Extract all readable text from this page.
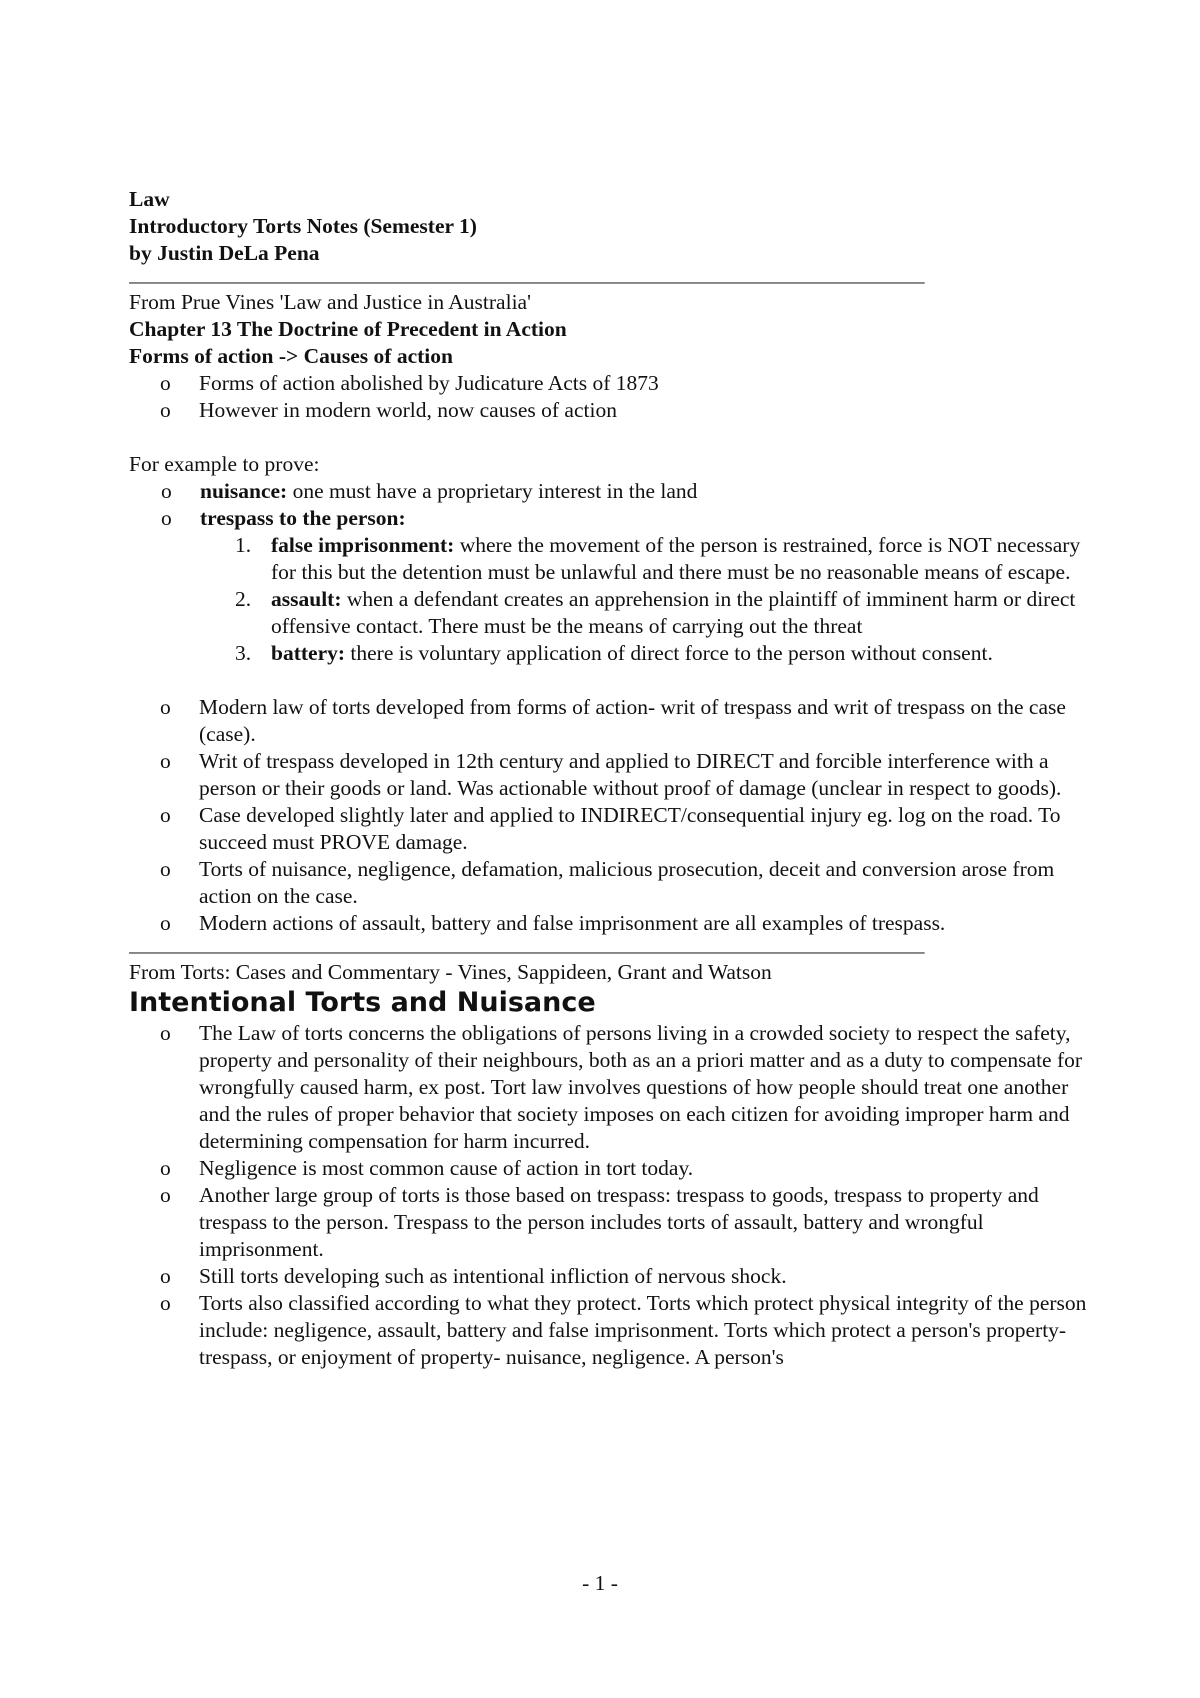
Law
Introductory Torts Notes (Semester 1)
by Justin DeLa Pena
__________________________________________________________________________
From Prue Vines 'Law and Justice in Australia'
Chapter 13 The Doctrine of Precedent in Action
Forms of action -> Causes of action
o Forms of action abolished by Judicature Acts of 1873
o However in modern world, now causes of action
For example to prove:
o nuisance: one must have a proprietary interest in the land
o trespass to the person:
1. false imprisonment: where the movement of the person is restrained, force is NOT necessary for this but the detention must be unlawful and there must be no reasonable means of escape.
2. assault: when a defendant creates an apprehension in the plaintiff of imminent harm or direct offensive contact. There must be the means of carrying out the threat
3. battery: there is voluntary application of direct force to the person without consent.
o Modern law of torts developed from forms of action- writ of trespass and writ of trespass on the case (case).
o Writ of trespass developed in 12th century and applied to DIRECT and forcible interference with a person or their goods or land. Was actionable without proof of damage (unclear in respect to goods).
o Case developed slightly later and applied to INDIRECT/consequential injury eg. log on the road. To succeed must PROVE damage.
o Torts of nuisance, negligence, defamation, malicious prosecution, deceit and conversion arose from action on the case.
o Modern actions of assault, battery and false imprisonment are all examples of trespass.
__________________________________________________________________________
From Torts: Cases and Commentary - Vines, Sappideen, Grant and Watson
Intentional Torts and Nuisance
o The Law of torts concerns the obligations of persons living in a crowded society to respect the safety, property and personality of their neighbours, both as an a priori matter and as a duty to compensate for wrongfully caused harm, ex post. Tort law involves questions of how people should treat one another and the rules of proper behavior that society imposes on each citizen for avoiding improper harm and determining compensation for harm incurred.
o Negligence is most common cause of action in tort today.
o Another large group of torts is those based on trespass: trespass to goods, trespass to property and trespass to the person. Trespass to the person includes torts of assault, battery and wrongful imprisonment.
o Still torts developing such as intentional infliction of nervous shock.
o Torts also classified according to what they protect. Torts which protect physical integrity of the person include: negligence, assault, battery and false imprisonment. Torts which protect a person's property- trespass, or enjoyment of property- nuisance, negligence. A person's
- 1 -
